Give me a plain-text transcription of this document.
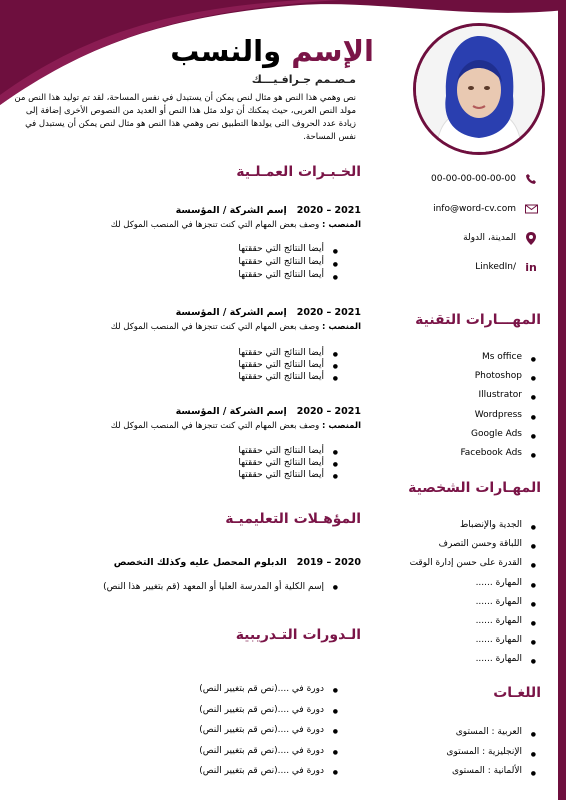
الإسم والنسب
مـصـمم جـرافـيـــك

نص وهمي هذا النص هو مثال لنص يمكن أن يستبدل في نفس المساحة، لقد تم توليد هذا النص من مولد النص العربى، حيث يمكنك أن تولد مثل هذا النص أو العديد من النصوص الأخرى إضافة إلى زيادة عدد الحروف التى يولدها التطبيق نص وهمي هذا النص هو مثال لنص يمكن أن يستبدل في نفس المساحة.

00-00-00-00-00-00
info@word-cv.com
المدينة، الدولة
in
/LinkedIn
الخـبـرات العمـلـية
المهـــارات التقنية
المهـارات الشخصية
اللغـات
المؤهـلات التعليميـة
الـدورات التـدريبية
2021 – 2020إسم الشركة / المؤسسة
المنصب : وصف بعض المهام التي كنت تنجزها في المنصب الموكل لك
● أيضا النتائج التي حققتها
● أيضا النتائج التي حققتها
● أيضا النتائج التي حققتها
2021 – 2020إسم الشركة / المؤسسة
المنصب : وصف بعض المهام التي كنت تنجزها في المنصب الموكل لك
● أيضا النتائج التي حققتها
● أيضا النتائج التي حققتها
● أيضا النتائج التي حققتها
2021 – 2020إسم الشركة / المؤسسة
المنصب : وصف بعض المهام التي كنت تنجزها في المنصب الموكل لك
● أيضا النتائج التي حققتها
● أيضا النتائج التي حققتها
● أيضا النتائج التي حققتها
2020 – 2019الدبلوم المحصل عليه وكذلك التخصص
● إسم الكلية أو المدرسة العليا أو المعهد (قم بتغيير هذا النص)
● دورة في ....(نص قم بتغيير النص)
● دورة في ....(نص قم بتغيير النص)
● دورة في ....(نص قم بتغيير النص)
● دورة في ....(نص قم بتغيير النص)
● دورة في ....(نص قم بتغيير النص)
● Ms office
● Photoshop
● Illustrator
● Wordpress
● Google Ads
● Facebook Ads
● الجدية والإنضباط
● اللباقة وحسن التصرف
● القدرة على حسن إدارة الوقت
● المهارة ......
● المهارة ......
● المهارة ......
● المهارة ......
● المهارة ......
● العربية : المستوى
● الإنجليزية : المستوى
● الألمانية : المستوى
